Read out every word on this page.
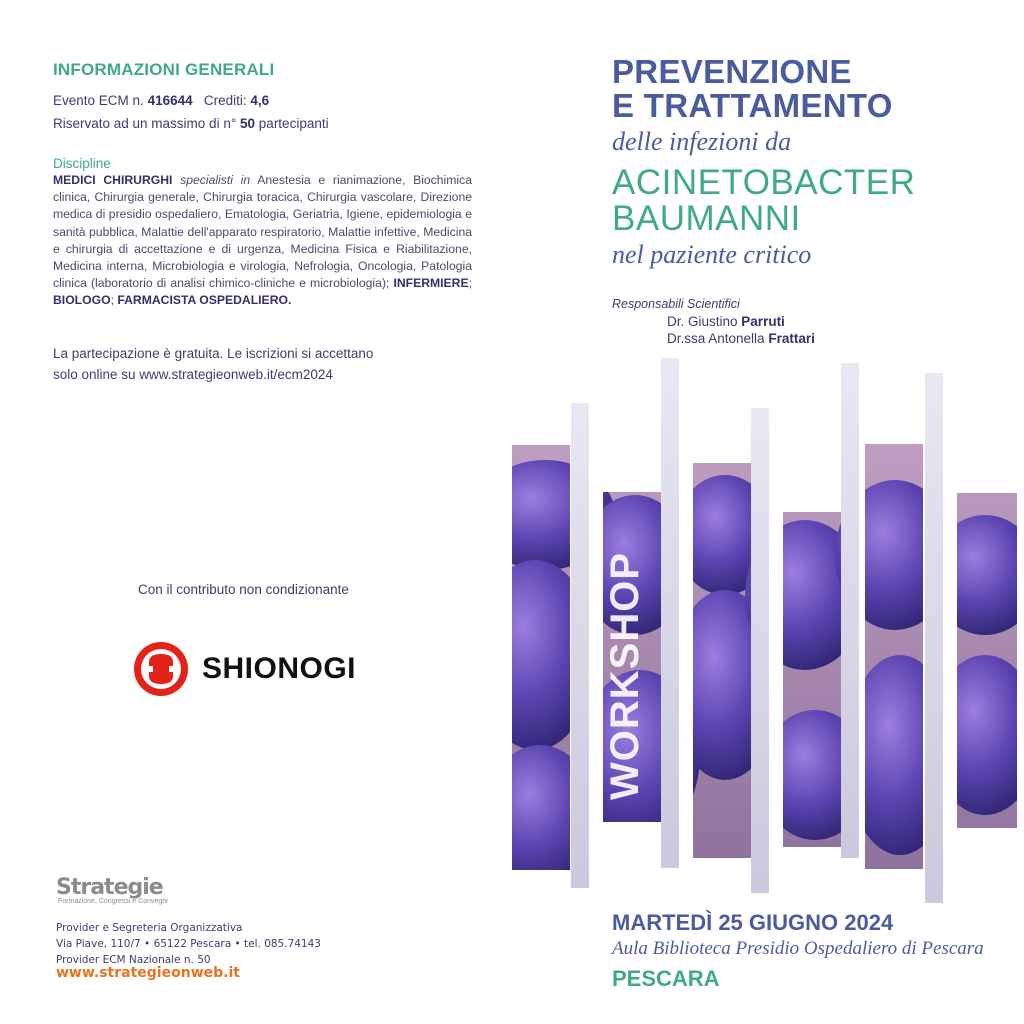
INFORMAZIONI GENERALI
Evento ECM n. 416644 Crediti: 4,6
Riservato ad un massimo di n° 50 partecipanti
Discipline
MEDICI CHIRURGHI specialisti in Anestesia e rianimazione, Biochimica clinica, Chirurgia generale, Chirurgia toracica, Chirurgia vascolare, Direzione medica di presidio ospedaliero, Ematologia, Geriatria, Igiene, epidemiologia e sanità pubblica, Malattie dell'apparato respiratorio, Malattie infettive, Medicina e chirurgia di accettazione e di urgenza, Medicina Fisica e Riabilitazione, Medicina interna, Microbiologia e virologia, Nefrologia, Oncologia, Patologia clinica (laboratorio di analisi chimico-cliniche e microbiologia); INFERMIERE; BIOLOGO; FARMACISTA OSPEDALIERO.
La partecipazione è gratuita. Le iscrizioni si accettano
solo online su www.strategieonweb.it/ecm2024
Con il contributo non condizionante
SHIONOGI
Strategie
Formazione, Congressi e Convegni
Provider e Segreteria Organizzativa
Via Piave, 110/7 • 65122 Pescara • tel. 085.74143
Provider ECM Nazionale n. 50
www.strategieonweb.it
PREVENZIONE
E TRATTAMENTO
delle infezioni da
ACINETOBACTER
BAUMANNI
nel paziente critico
Responsabili Scientifici
Dr. Giustino Parruti
Dr.ssa Antonella Frattari
WORKSHOP
MARTEDÌ 25 GIUGNO 2024
Aula Biblioteca Presidio Ospedaliero di Pescara
PESCARA
